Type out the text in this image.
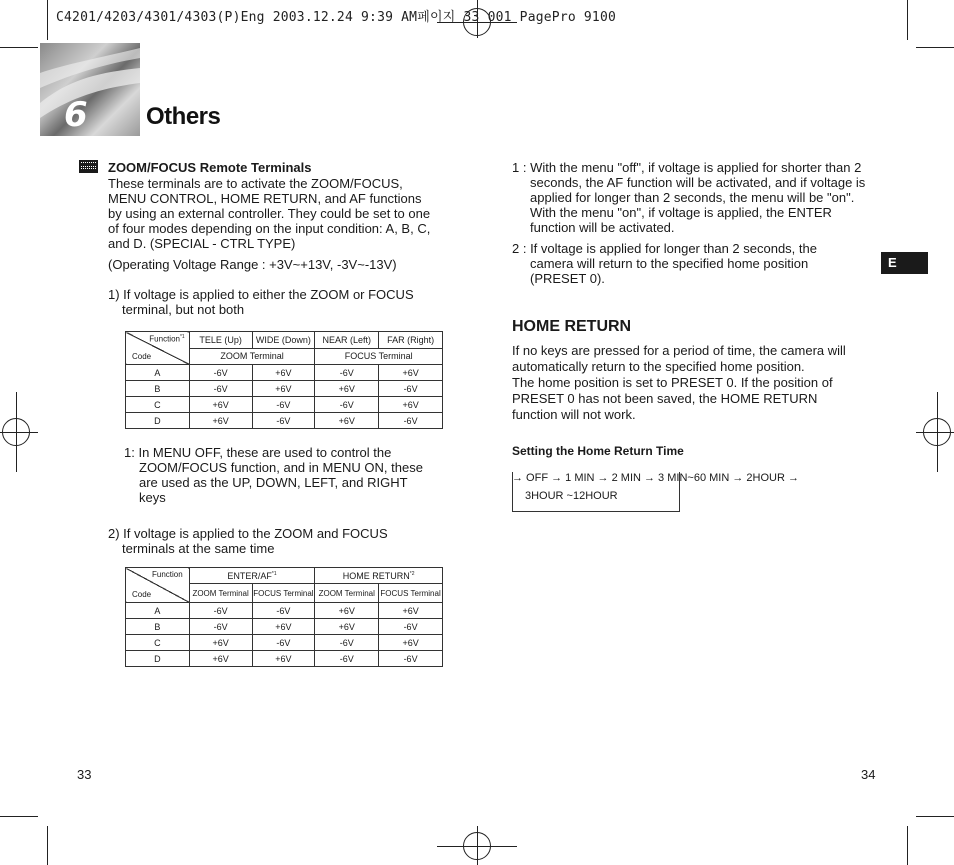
C4201/4203/4301/4303(P)Eng 2003.12.24 9:39 AM페이지 33 001 PagePro 9100
6 Others
ZOOM/FOCUS Remote Terminals
These terminals are to activate the ZOOM/FOCUS,
MENU CONTROL, HOME RETURN, and AF functions
by using an external controller. They could be set to one
of four modes depending on the input condition: A, B, C,
and D. (SPECIAL - CTRL TYPE)
(Operating Voltage Range : +3V~+13V, -3V~-13V)
1) If voltage is applied to either the ZOOM or FOCUS
terminal, but not both
Function$^{*1}$
Code	TELE (Up)	WIDE (Down)	NEAR (Left)	FAR (Right)
	ZOOM Terminal		FOCUS Terminal	
A	-6V	+6V	-6V	+6V
B	-6V	+6V	+6V	-6V
C	+6V	-6V	-6V	+6V
D	+6V	-6V	+6V	-6V
1: In MENU OFF, these are used to control the
ZOOM/FOCUS function, and in MENU ON, these
are used as the UP, DOWN, LEFT, and RIGHT
keys
2) If voltage is applied to the ZOOM and FOCUS
terminals at the same time
Function
Code	ENTER/AF$^{*1}$		HOME RETURN$^{*2}$
	ZOOM Terminal	FOCUS Terminal	ZOOM Terminal	FOCUS Terminal
A	-6V	-6V	+6V	+6V
B	-6V	+6V	+6V	-6V
C	+6V	-6V	-6V	+6V
D	+6V	+6V	-6V	-6V
33
1 : With the menu "off", if voltage is applied for shorter than 2
seconds, the AF function will be activated, and if voltage is
applied for longer than 2 seconds, the menu will be "on".
With the menu "on", if voltage is applied, the ENTER
function will be activated.
2 : If voltage is applied for longer than 2 seconds, the
camera will return to the specified home position
(PRESET 0).
E
HOME RETURN
If no keys are pressed for a period of time, the camera will
automatically return to the specified home position.
The home position is set to PRESET 0. If the position of
PRESET 0 has not been saved, the HOME RETURN
function will not work.
Setting the Home Return Time
→ OFF → 1 MIN → 2 MIN → 3 MIN~60 MIN → 2HOUR →
3HOUR ~12HOUR
34
